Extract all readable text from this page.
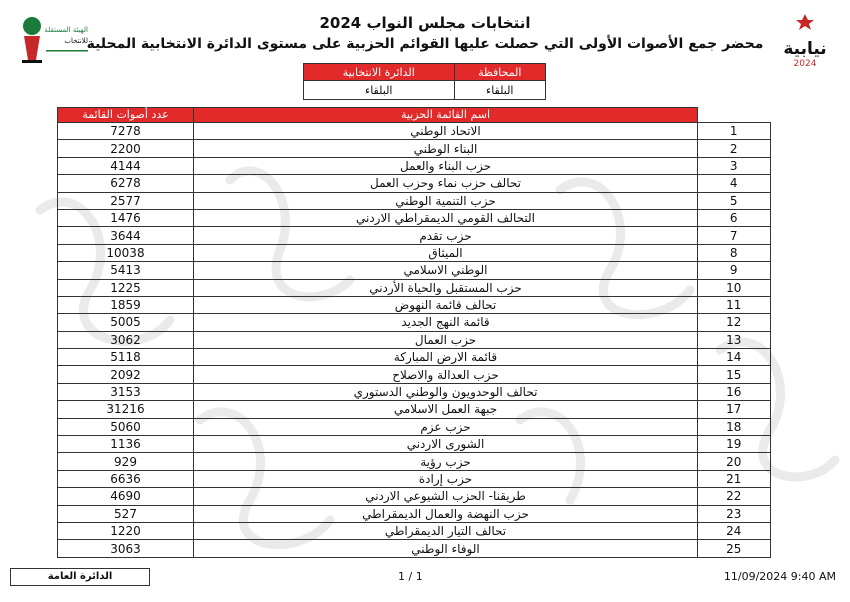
الهيئة المستقلة
للانتخاب	نيابية
2024
انتخابات مجلس النواب 2024
محضر جمع الأصوات الأولى التي حصلت عليها القوائم الحزبية على مستوى الدائرة الانتخابية المحلية
المحافظة	الدائرة الانتخابية
البلقاء	البلقاء
	اسم القائمة الحزبية	عدد أصوات القائمة
1	الاتحاد الوطني	7278
2	البناء الوطني	2200
3	حزب البناء والعمل	4144
4	تحالف حزب نماء وحزب العمل	6278
5	حزب التنمية الوطني	2577
6	التحالف القومي الديمقراطي الاردني	1476
7	حزب تقدم	3644
8	الميثاق	10038
9	الوطني الاسلامي	5413
10	حزب المستقبل والحياة الأردني	1225
11	تحالف قائمة النهوض	1859
12	قائمة النهج الجديد	5005
13	حزب العمال	3062
14	قائمة الارض المباركة	5118
15	حزب العدالة والاصلاح	2092
16	تحالف الوحدويون والوطني الدستوري	3153
17	جبهة العمل الاسلامي	31216
18	حزب عزم	5060
19	الشورى الاردني	1136
20	حزب رؤية	929
21	حزب إرادة	6636
22	طريقنا- الحزب الشيوعي الاردني	4690
23	حزب النهضة والعمال الديمقراطي	527
24	تحالف التيار الديمقراطي	1220
25	الوفاء الوطني	3063
الدائرة العامة	1 / 1	11/09/2024 9:40 AM
